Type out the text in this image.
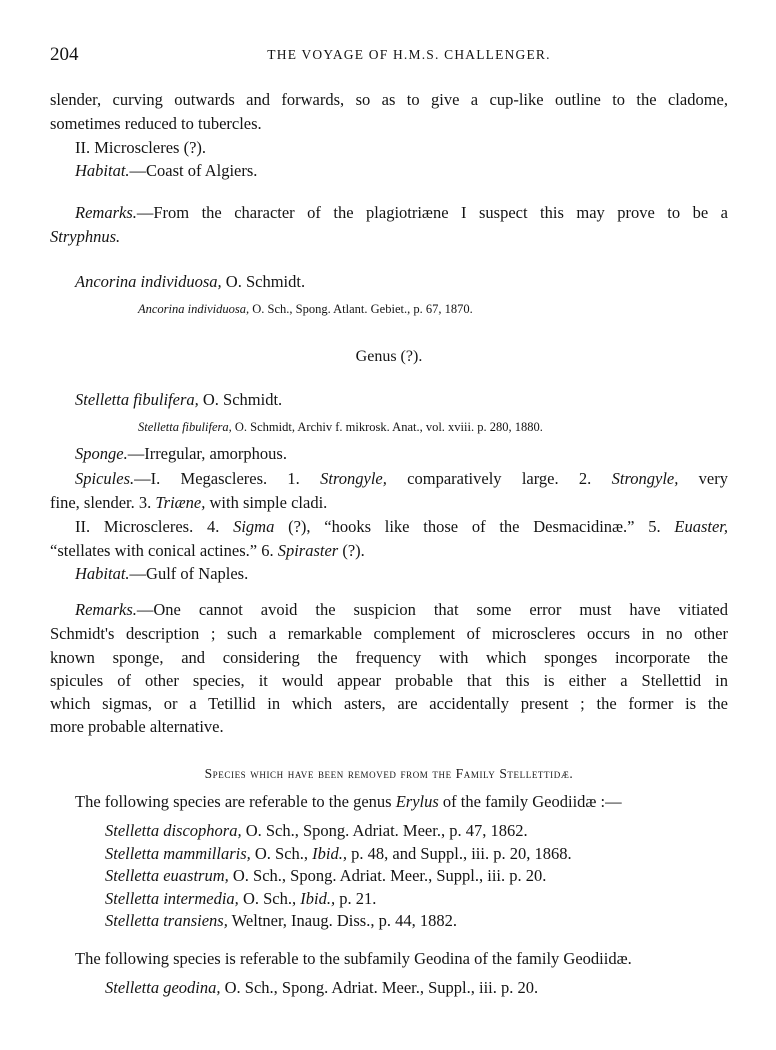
204	THE VOYAGE OF H.M.S. CHALLENGER.
slender, curving outwards and forwards, so as to give a cup-like outline to the cladome,
sometimes reduced to tubercles.
II. Microscleres (?).
Habitat.—Coast of Algiers.
Remarks.—From the character of the plagiotriæne I suspect this may prove to be a
Stryphnus.
Ancorina individuosa, O. Schmidt.
Ancorina individuosa, O. Sch., Spong. Atlant. Gebiet., p. 67, 1870.
Genus (?).
Stelletta fibulifera, O. Schmidt.
Stelletta fibulifera, O. Schmidt, Archiv f. mikrosk. Anat., vol. xviii. p. 280, 1880.
Sponge.—Irregular, amorphous.
Spicules.—I. Megascleres. 1. Strongyle, comparatively large. 2. Strongyle, very
fine, slender. 3. Triæne, with simple cladi.
II. Microscleres. 4. Sigma (?), “hooks like those of the Desmacidinæ.” 5. Euaster,
“stellates with conical actines.” 6. Spiraster (?).
Habitat.—Gulf of Naples.
Remarks.—One cannot avoid the suspicion that some error must have vitiated
Schmidt's description ; such a remarkable complement of microscleres occurs in no other
known sponge, and considering the frequency with which sponges incorporate the
spicules of other species, it would appear probable that this is either a Stellettid in
which sigmas, or a Tetillid in which asters, are accidentally present ; the former is the
more probable alternative.
Species which have been removed from the Family Stellettidæ.
The following species are referable to the genus Erylus of the family Geodiidæ :—
Stelletta discophora, O. Sch., Spong. Adriat. Meer., p. 47, 1862.
Stelletta mammillaris, O. Sch., Ibid., p. 48, and Suppl., iii. p. 20, 1868.
Stelletta euastrum, O. Sch., Spong. Adriat. Meer., Suppl., iii. p. 20.
Stelletta intermedia, O. Sch., Ibid., p. 21.
Stelletta transiens, Weltner, Inaug. Diss., p. 44, 1882.
The following species is referable to the subfamily Geodina of the family Geodiidæ.
Stelletta geodina, O. Sch., Spong. Adriat. Meer., Suppl., iii. p. 20.
